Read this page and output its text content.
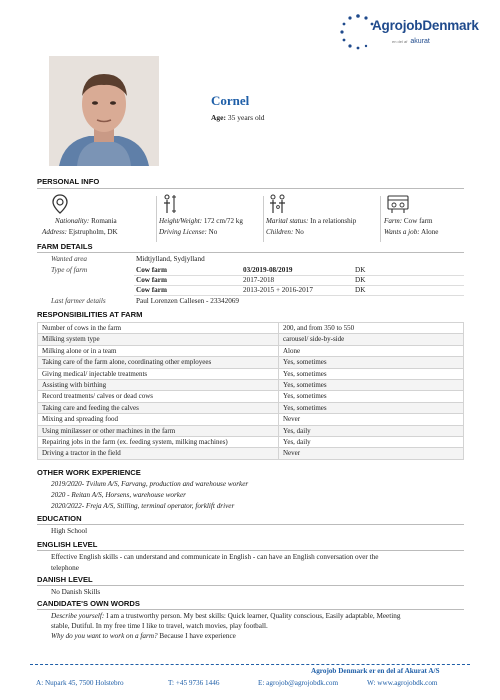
AgrojobDenmark
en del af akurat
Cornel
Age: 35 years old
PERSONAL INFO
Nationality: Romania
Address: Ejstrupholm, DK
Height/Weight: 172 cm/72 kg
Driving License: No
Marital status: In a relationship
Children: No
Farm: Cow farm
Wants a job: Alone
FARM DETAILS
Wanted area	Midtjylland, Sydjylland
Type of farm	Cow farm	03/2019-08/2019	DK
Cow farm	2017-2018	DK
Cow farm	2013-2015 + 2016-2017	DK
Last farmer details	Paul Lorenzen Callesen - 23342069
RESPONSIBILITIES AT FARM
Number of cows in the farm	200, and from 350 to 550
Milking system type	carousel/ side-by-side
Milking alone or in a team	Alone
Taking care of the farm alone, coordinating other employees	Yes, sometimes
Giving medical/ injectable treatments	Yes, sometimes
Assisting with birthing	Yes, sometimes
Record treatments/ calves or dead cows	Yes, sometimes
Taking care and feeding the calves	Yes, sometimes
Mixing and spreading food	Never
Using minilæsser or other machines in the farm	Yes, daily
Repairing jobs in the farm (ex. feeding system, milking machines)	Yes, daily
Driving a tractor in the field	Never
OTHER WORK EXPERIENCE
2019/2020- Tvilum A/S, Farvang, production and warehouse worker
2020 - Reitan A/S, Horsens, warehouse worker
2020/2022- Freja A/S, Stilling, terminal operator, forklift driver
EDUCATION
High School
ENGLISH LEVEL
Effective English skills - can understand and communicate in English - can have an English conversation over the
telephone
DANISH LEVEL
No Danish Skills
CANDIDATE'S OWN WORDS
Describe yourself: I am a trustworthy person. My best skills: Quick learner, Quality conscious, Easily adaptable, Meeting
stable, Dutiful. In my free time I like to travel, watch movies, play football.
Why do you want to work on a farm? Because I have experience
Agrojob Denmark er en del af Akurat A/S
A: Nupark 45, 7500 Holstebro	T: +45 9736 1446	E: agrojob@agrojobdk.com	W: www.agrojobdk.com
